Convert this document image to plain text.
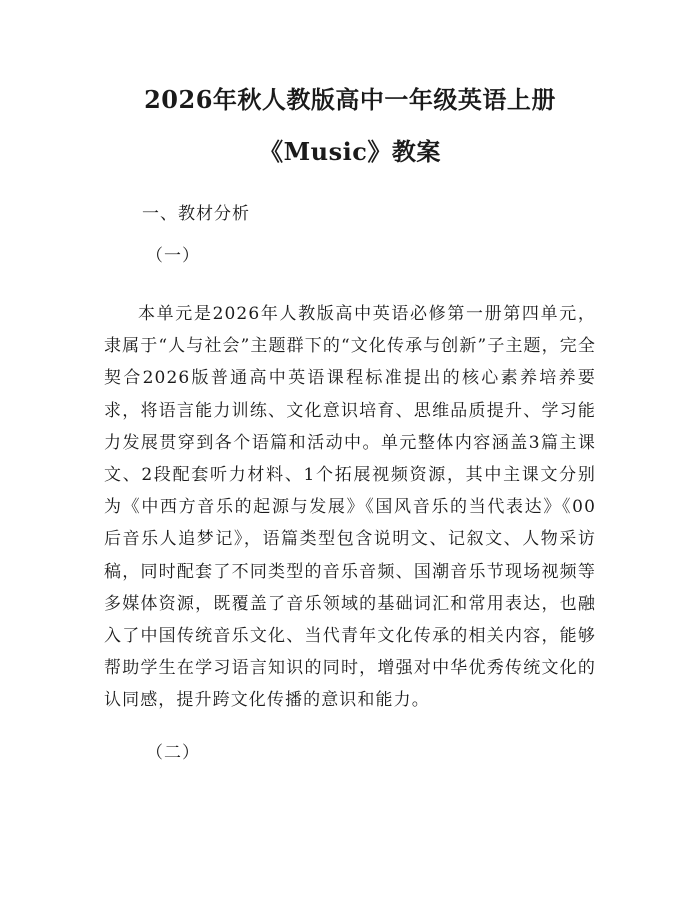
2026年秋人教版高中一年级英语上册
《Music》教案

一、教材分析

（一）

本单元是2026年人教版高中英语必修第一册第四单元，隶属于“人与社会”主题群下的“文化传承与创新”子主题，完全契合2026版普通高中英语课程标准提出的核心素养培养要求，将语言能力训练、文化意识培育、思维品质提升、学习能力发展贯穿到各个语篇和活动中。单元整体内容涵盖3篇主课文、2段配套听力材料、1个拓展视频资源，其中主课文分别为《中西方音乐的起源与发展》《国风音乐的当代表达》《00后音乐人追梦记》，语篇类型包含说明文、记叙文、人物采访稿，同时配套了不同类型的音乐音频、国潮音乐节现场视频等多媒体资源，既覆盖了音乐领域的基础词汇和常用表达，也融入了中国传统音乐文化、当代青年文化传承的相关内容，能够帮助学生在学习语言知识的同时，增强对中华优秀传统文化的认同感，提升跨文化传播的意识和能力。

（二）
